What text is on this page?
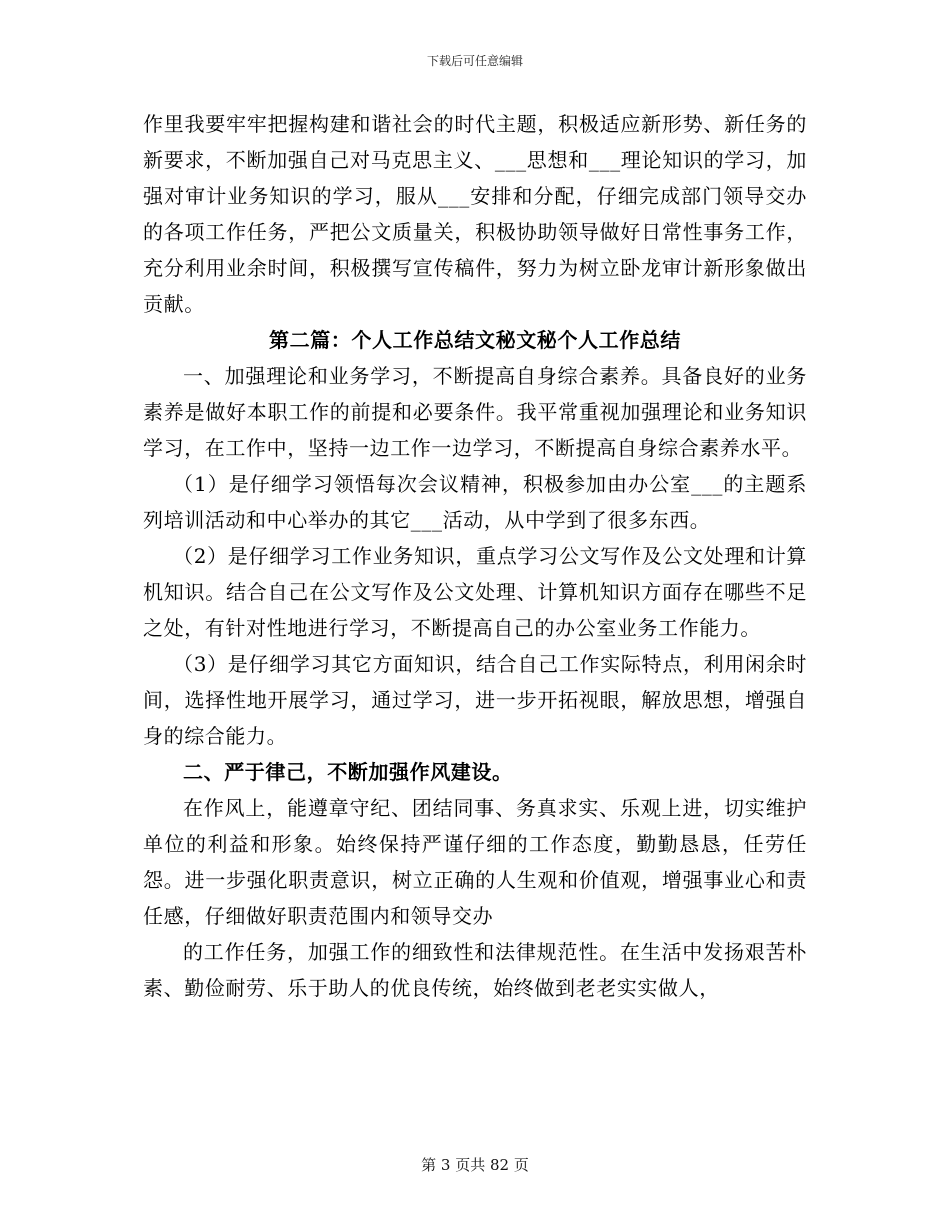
下载后可任意编辑

作里我要牢牢把握构建和谐社会的时代主题，积极适应新形势、新任务的新要求，不断加强自己对马克思主义、___思想和___理论知识的学习，加强对审计业务知识的学习，服从___安排和分配，仔细完成部门领导交办的各项工作任务，严把公文质量关，积极协助领导做好日常性事务工作，充分利用业余时间，积极撰写宣传稿件，努力为树立卧龙审计新形象做出贡献。

第二篇：个人工作总结文秘文秘个人工作总结

一、加强理论和业务学习，不断提高自身综合素养。具备良好的业务素养是做好本职工作的前提和必要条件。我平常重视加强理论和业务知识学习，在工作中，坚持一边工作一边学习，不断提高自身综合素养水平。

（1）是仔细学习领悟每次会议精神，积极参加由办公室___的主题系列培训活动和中心举办的其它___活动，从中学到了很多东西。

（2）是仔细学习工作业务知识，重点学习公文写作及公文处理和计算机知识。结合自己在公文写作及公文处理、计算机知识方面存在哪些不足之处，有针对性地进行学习，不断提高自己的办公室业务工作能力。

（3）是仔细学习其它方面知识，结合自己工作实际特点，利用闲余时间，选择性地开展学习，通过学习，进一步开拓视眼，解放思想，增强自身的综合能力。

二、严于律己，不断加强作风建设。

在作风上，能遵章守纪、团结同事、务真求实、乐观上进，切实维护单位的利益和形象。始终保持严谨仔细的工作态度，勤勤恳恳，任劳任怨。进一步强化职责意识，树立正确的人生观和价值观，增强事业心和责任感，仔细做好职责范围内和领导交办

的工作任务，加强工作的细致性和法律规范性。在生活中发扬艰苦朴素、勤俭耐劳、乐于助人的优良传统，始终做到老老实实做人，

第 3 页共 82 页
